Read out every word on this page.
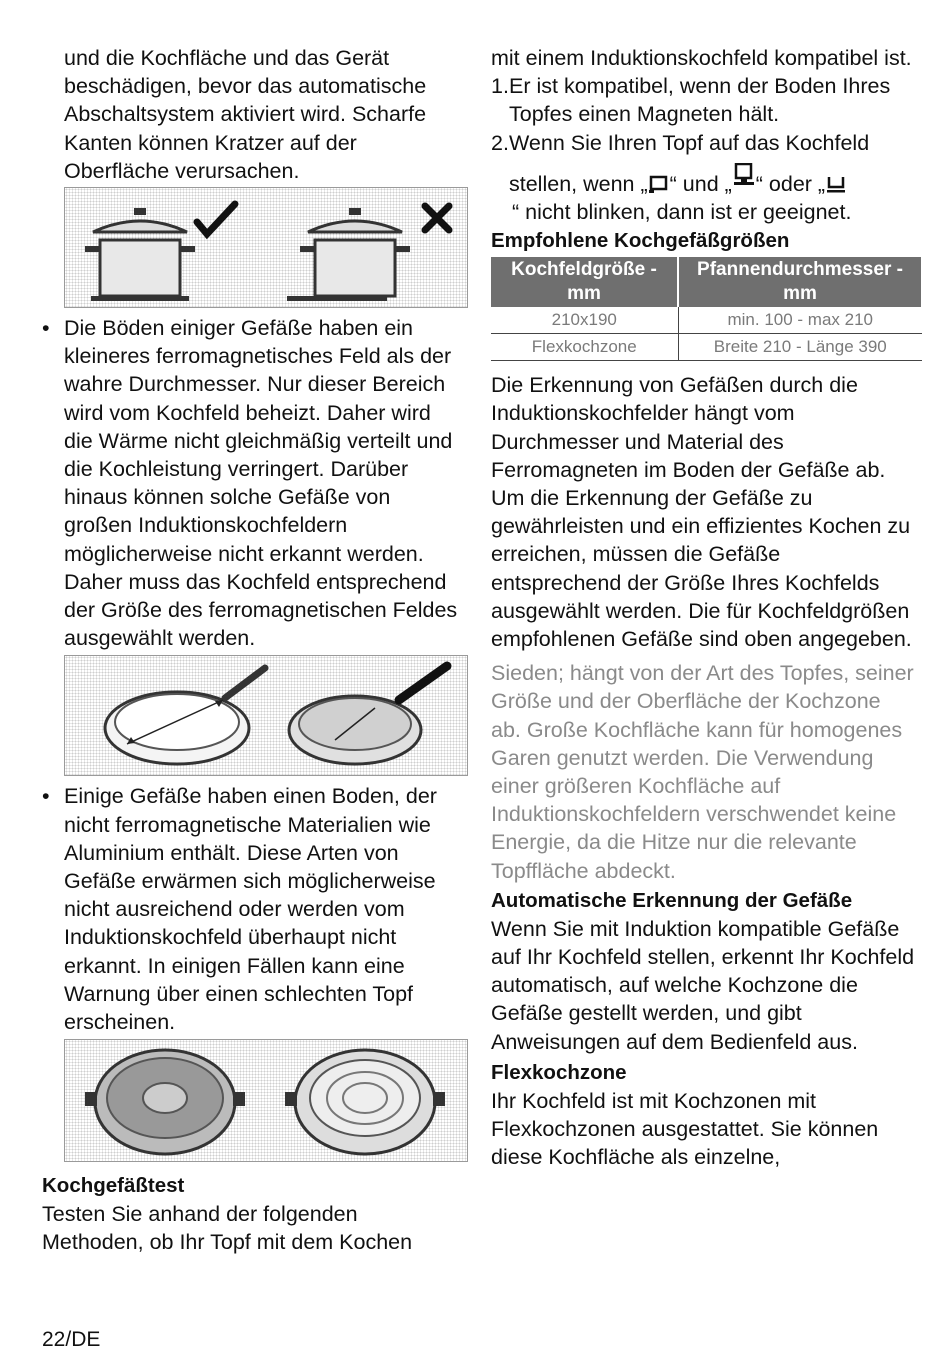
und die Kochfläche und das Gerät beschädigen, bevor das automatische Abschaltsystem aktiviert wird. Scharfe Kanten können Kratzer auf der Oberfläche verursachen.

• Die Böden einiger Gefäße haben ein kleineres ferromagnetisches Feld als der wahre Durchmesser. Nur dieser Bereich wird vom Kochfeld beheizt. Daher wird die Wärme nicht gleichmäßig verteilt und die Kochleistung verringert. Darüber hinaus können solche Gefäße von großen Induktionskochfeldern möglicherweise nicht erkannt werden. Daher muss das Kochfeld entsprechend der Größe des ferromagnetischen Feldes ausgewählt werden.
• Einige Gefäße haben einen Boden, der nicht ferromagnetische Materialien wie Aluminium enthält. Diese Arten von Gefäße erwärmen sich möglicherweise nicht ausreichend oder werden vom Induktionskochfeld überhaupt nicht erkannt. In einigen Fällen kann eine Warnung über einen schlechten Topf erscheinen.
Kochgefäßtest

Testen Sie anhand der folgenden Methoden, ob Ihr Topf mit dem Kochen

mit einem Induktionskochfeld kompatibel ist.

1. Er ist kompatibel, wenn der Boden Ihres Topfes einen Magneten hält.
2. Wenn Sie Ihren Topf auf das Kochfeld
stellen, wenn „ “ und „ “ oder „
“ nicht blinken, dann ist er geeignet.
Empfohlene Kochgefäßgrößen
Kochfeldgröße - mm	Pfannendurchmesser - mm
210x190	min. 100 - max 210
Flexkochzone	Breite 210 - Länge 390

Die Erkennung von Gefäßen durch die Induktionskochfelder hängt vom Durchmesser und Material des Ferromagneten im Boden der Gefäße ab. Um die Erkennung der Gefäße zu gewährleisten und ein effizientes Kochen zu erreichen, müssen die Gefäße entsprechend der Größe Ihres Kochfelds ausgewählt werden. Die für Kochfeldgrößen empfohlenen Gefäße sind oben angegeben.

Sieden; hängt von der Art des Topfes, seiner Größe und der Oberfläche der Kochzone ab. Große Kochfläche kann für homogenes Garen genutzt werden. Die Verwendung einer größeren Kochfläche auf Induktionskochfeldern verschwendet keine Energie, da die Hitze nur die relevante Topffläche abdeckt.

Automatische Erkennung der Gefäße

Wenn Sie mit Induktion kompatible Gefäße auf Ihr Kochfeld stellen, erkennt Ihr Kochfeld automatisch, auf welche Kochzone die Gefäße gestellt werden, und gibt Anweisungen auf dem Bedienfeld aus.

Flexkochzone

Ihr Kochfeld ist mit Kochzonen mit Flexkochzonen ausgestattet. Sie können diese Kochfläche als einzelne,

22/DE
